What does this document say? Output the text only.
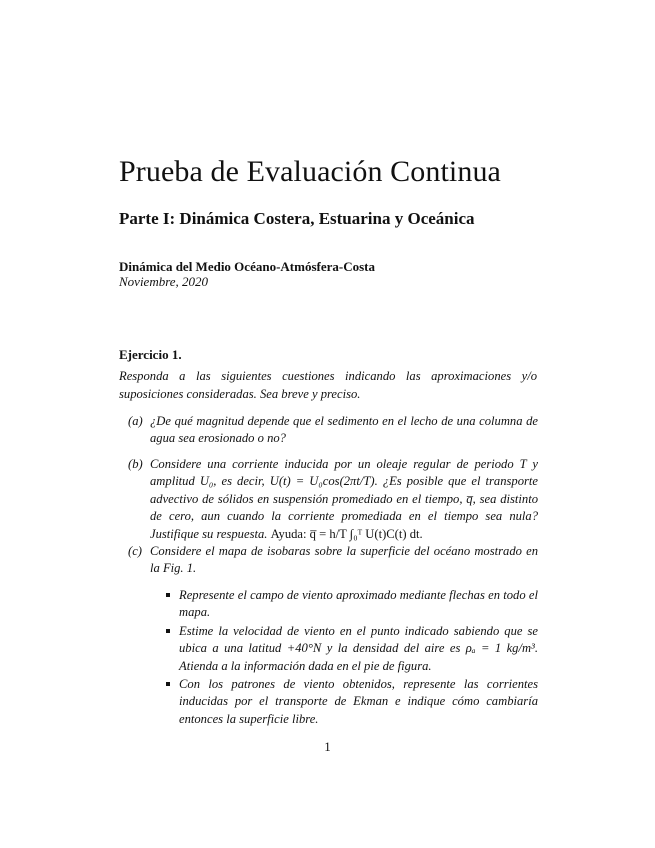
Prueba de Evaluación Continua
Parte I: Dinámica Costera, Estuarina y Oceánica
Dinámica del Medio Océano-Atmósfera-Costa
Noviembre, 2020
Ejercicio 1.

Responda a las siguientes cuestiones indicando las aproximaciones y/o suposiciones consideradas. Sea breve y preciso.

(a) ¿De qué magnitud depende que el sedimento en el lecho de una columna de agua sea erosionado o no?
(b) Considere una corriente inducida por un oleaje regular de periodo T y amplitud U₀, es decir, U(t) = U₀cos(2πt/T). ¿Es posible que el transporte advectivo de sólidos en suspensión promediado en el tiempo, q̅, sea distinto de cero, aun cuando la corriente promediada en el tiempo sea nula? Justifique su respuesta. Ayuda: q̅ = h/T ∫₀ᵀ U(t)C(t) dt.
(c) Considere el mapa de isobaras sobre la superficie del océano mostrado en la Fig. 1.
Represente el campo de viento aproximado mediante flechas en todo el mapa.
Estime la velocidad de viento en el punto indicado sabiendo que se ubica a una latitud +40°N y la densidad del aire es ρₐ = 1 kg/m³. Atienda a la información dada en el pie de figura.
Con los patrones de viento obtenidos, represente las corrientes inducidas por el transporte de Ekman e indique cómo cambiaría entonces la superficie libre.
1
